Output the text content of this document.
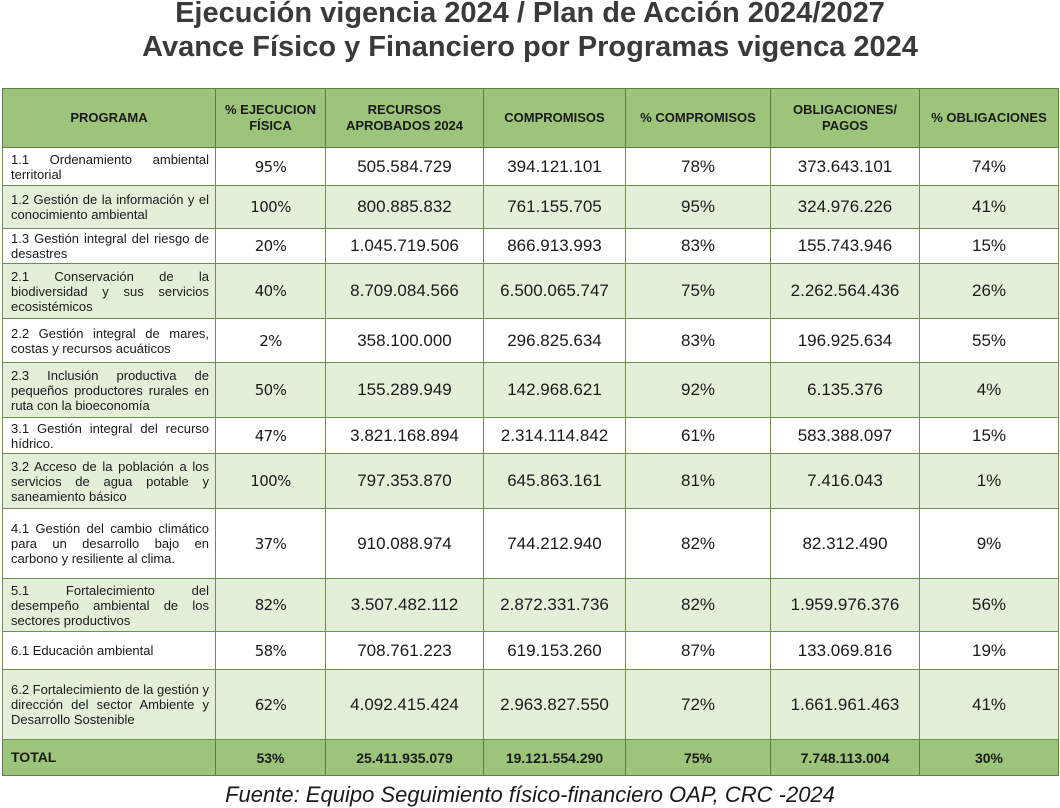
Ejecución vigencia 2024 / Plan de Acción 2024/2027
Avance Físico y Financiero por Programas vigenca 2024
PROGRAMA	% EJECUCION FÍSICA	RECURSOS APROBADOS 2024	COMPROMISOS	% COMPROMISOS	OBLIGACIONES/ PAGOS	% OBLIGACIONES
1.1 Ordenamiento ambiental territorial	95%	505.584.729	394.121.101	78%	373.643.101	74%
1.2 Gestión de la información y el conocimiento ambiental	100%	800.885.832	761.155.705	95%	324.976.226	41%
1.3 Gestión integral del riesgo de desastres	20%	1.045.719.506	866.913.993	83%	155.743.946	15%
2.1 Conservación de la biodiversidad y sus servicios ecosistémicos	40%	8.709.084.566	6.500.065.747	75%	2.262.564.436	26%
2.2 Gestión integral de mares, costas y recursos acuáticos	2%	358.100.000	296.825.634	83%	196.925.634	55%
2.3 Inclusión productiva de pequeños productores rurales en ruta con la bioeconomía	50%	155.289.949	142.968.621	92%	6.135.376	4%
3.1 Gestión integral del recurso hídrico.	47%	3.821.168.894	2.314.114.842	61%	583.388.097	15%
3.2 Acceso de la población a los servicios de agua potable y saneamiento básico	100%	797.353.870	645.863.161	81%	7.416.043	1%
4.1 Gestión del cambio climático para un desarrollo bajo en carbono y resiliente al clima.	37%	910.088.974	744.212.940	82%	82.312.490	9%
5.1 Fortalecimiento del desempeño ambiental de los sectores productivos	82%	3.507.482.112	2.872.331.736	82%	1.959.976.376	56%
6.1 Educación ambiental	58%	708.761.223	619.153.260	87%	133.069.816	19%
6.2 Fortalecimiento de la gestión y dirección del sector Ambiente y Desarrollo Sostenible	62%	4.092.415.424	2.963.827.550	72%	1.661.961.463	41%
TOTAL	53%	25.411.935.079	19.121.554.290	75%	7.748.113.004	30%
Fuente: Equipo Seguimiento físico-financiero OAP, CRC -2024
